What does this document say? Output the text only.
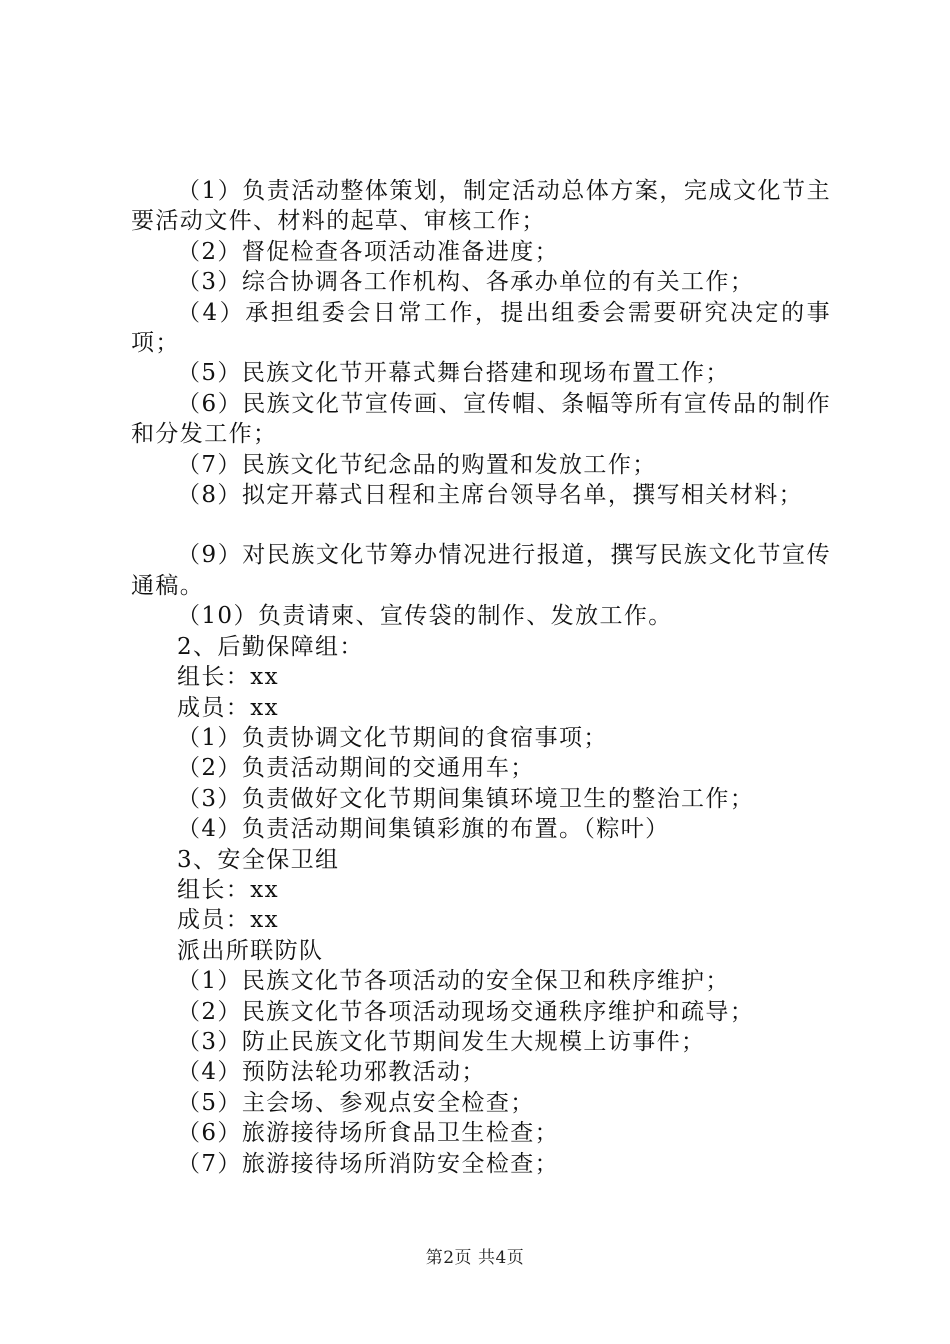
（1）负责活动整体策划，制定活动总体方案，完成文化节主要活动文件、材料的起草、审核工作；

（2）督促检查各项活动准备进度；

（3）综合协调各工作机构、各承办单位的有关工作；

（4）承担组委会日常工作，提出组委会需要研究决定的事项；

（5）民族文化节开幕式舞台搭建和现场布置工作；

（6）民族文化节宣传画、宣传帽、条幅等所有宣传品的制作和分发工作；

（7）民族文化节纪念品的购置和发放工作；

（8）拟定开幕式日程和主席台领导名单，撰写相关材料；

（9）对民族文化节筹办情况进行报道，撰写民族文化节宣传通稿。

（10）负责请柬、宣传袋的制作、发放工作。

2、后勤保障组：

组长：xx

成员：xx

（1）负责协调文化节期间的食宿事项；

（2）负责活动期间的交通用车；

（3）负责做好文化节期间集镇环境卫生的整治工作；

（4）负责活动期间集镇彩旗的布置。（粽叶）

3、安全保卫组

组长：xx

成员：xx

派出所联防队

（1）民族文化节各项活动的安全保卫和秩序维护；

（2）民族文化节各项活动现场交通秩序维护和疏导；

（3）防止民族文化节期间发生大规模上访事件；

（4）预防法轮功邪教活动；

（5）主会场、参观点安全检查；

（6）旅游接待场所食品卫生检查；

（7）旅游接待场所消防安全检查；

第2页 共4页
